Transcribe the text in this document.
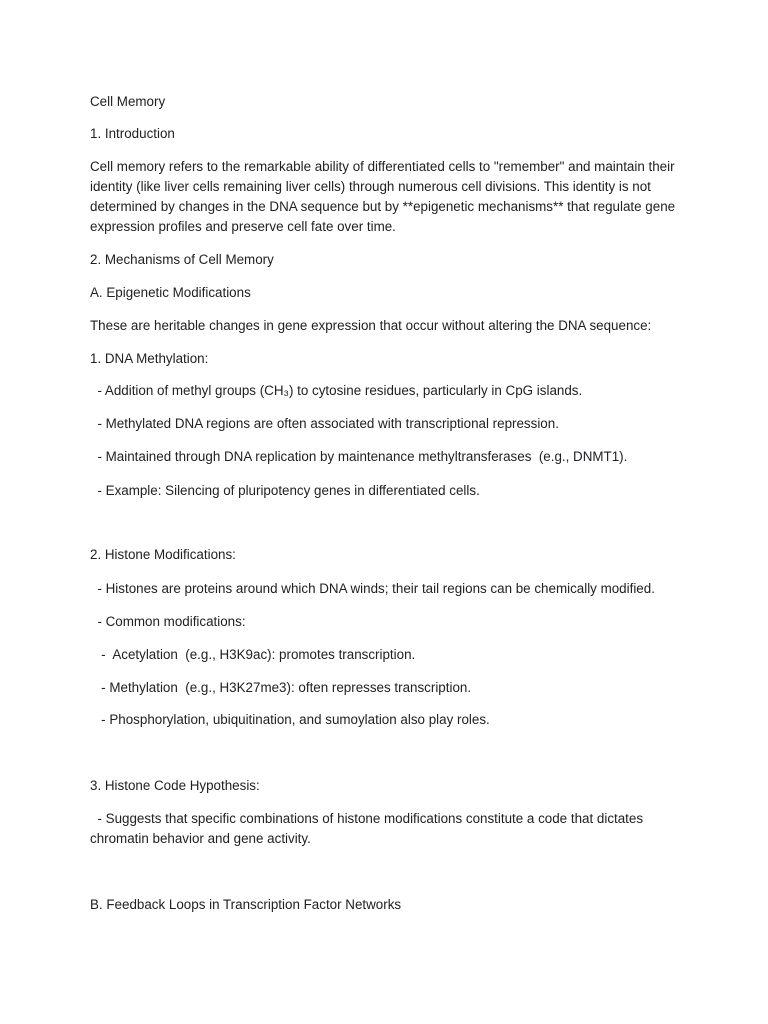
Cell Memory

1. Introduction

Cell memory refers to the remarkable ability of differentiated cells to "remember" and maintain their identity (like liver cells remaining liver cells) through numerous cell divisions. This identity is not determined by changes in the DNA sequence but by **epigenetic mechanisms** that regulate gene expression profiles and preserve cell fate over time.

2. Mechanisms of Cell Memory

A. Epigenetic Modifications

These are heritable changes in gene expression that occur without altering the DNA sequence:

1. DNA Methylation:

- Addition of methyl groups (CH₃) to cytosine residues, particularly in CpG islands.

- Methylated DNA regions are often associated with transcriptional repression.

- Maintained through DNA replication by maintenance methyltransferases  (e.g., DNMT1).

- Example: Silencing of pluripotency genes in differentiated cells.

2. Histone Modifications:

- Histones are proteins around which DNA winds; their tail regions can be chemically modified.

- Common modifications:

-  Acetylation  (e.g., H3K9ac): promotes transcription.

- Methylation  (e.g., H3K27me3): often represses transcription.

- Phosphorylation, ubiquitination, and sumoylation also play roles.

3. Histone Code Hypothesis:

- Suggests that specific combinations of histone modifications constitute a code that dictates chromatin behavior and gene activity.

B. Feedback Loops in Transcription Factor Networks
